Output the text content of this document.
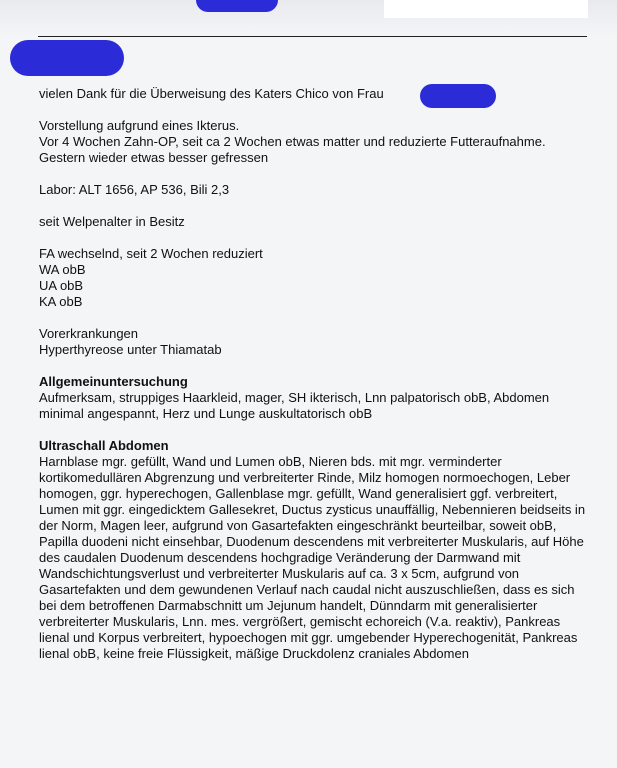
vielen Dank für die Überweisung des Katers Chico von Frau

Vorstellung aufgrund eines Ikterus.

Vor 4 Wochen Zahn-OP, seit ca 2 Wochen etwas matter und reduzierte Futteraufnahme.

Gestern wieder etwas besser gefressen

Labor: ALT 1656, AP 536, Bili 2,3

seit Welpenalter in Besitz

FA wechselnd, seit 2 Wochen reduziert

WA obB

UA obB

KA obB

Vorerkrankungen

Hyperthyreose unter Thiamatab

Allgemeinuntersuchung

Aufmerksam, struppiges Haarkleid, mager, SH ikterisch, Lnn palpatorisch obB, Abdomen minimal angespannt, Herz und Lunge auskultatorisch obB

Ultraschall Abdomen

Harnblase mgr. gefüllt, Wand und Lumen obB, Nieren bds. mit mgr. verminderter kortikomedullären Abgrenzung und verbreiterter Rinde, Milz homogen normoechogen, Leber homogen, ggr. hyperechogen, Gallenblase mgr. gefüllt, Wand generalisiert ggf. verbreitert, Lumen mit ggr. eingedicktem Gallesekret, Ductus zysticus unauffällig, Nebennieren beidseits in der Norm, Magen leer, aufgrund von Gasartefakten eingeschränkt beurteilbar, soweit obB, Papilla duodeni nicht einsehbar, Duodenum descendens mit verbreiterter Muskularis, auf Höhe des caudalen Duodenum descendens hochgradige Veränderung der Darmwand mit Wandschichtungsverlust und verbreiterter Muskularis auf ca. 3 x 5cm, aufgrund von Gasartefakten und dem gewundenen Verlauf nach caudal nicht auszuschließen, dass es sich bei dem betroffenen Darmabschnitt um Jejunum handelt, Dünndarm mit generalisierter verbreiterter Muskularis, Lnn. mes. vergrößert, gemischt echoreich (V.a. reaktiv), Pankreas lienal und Korpus verbreitert, hypoechogen mit ggr. umgebender Hyperechogenität, Pankreas lienal obB, keine freie Flüssigkeit, mäßige Druckdolenz craniales Abdomen
